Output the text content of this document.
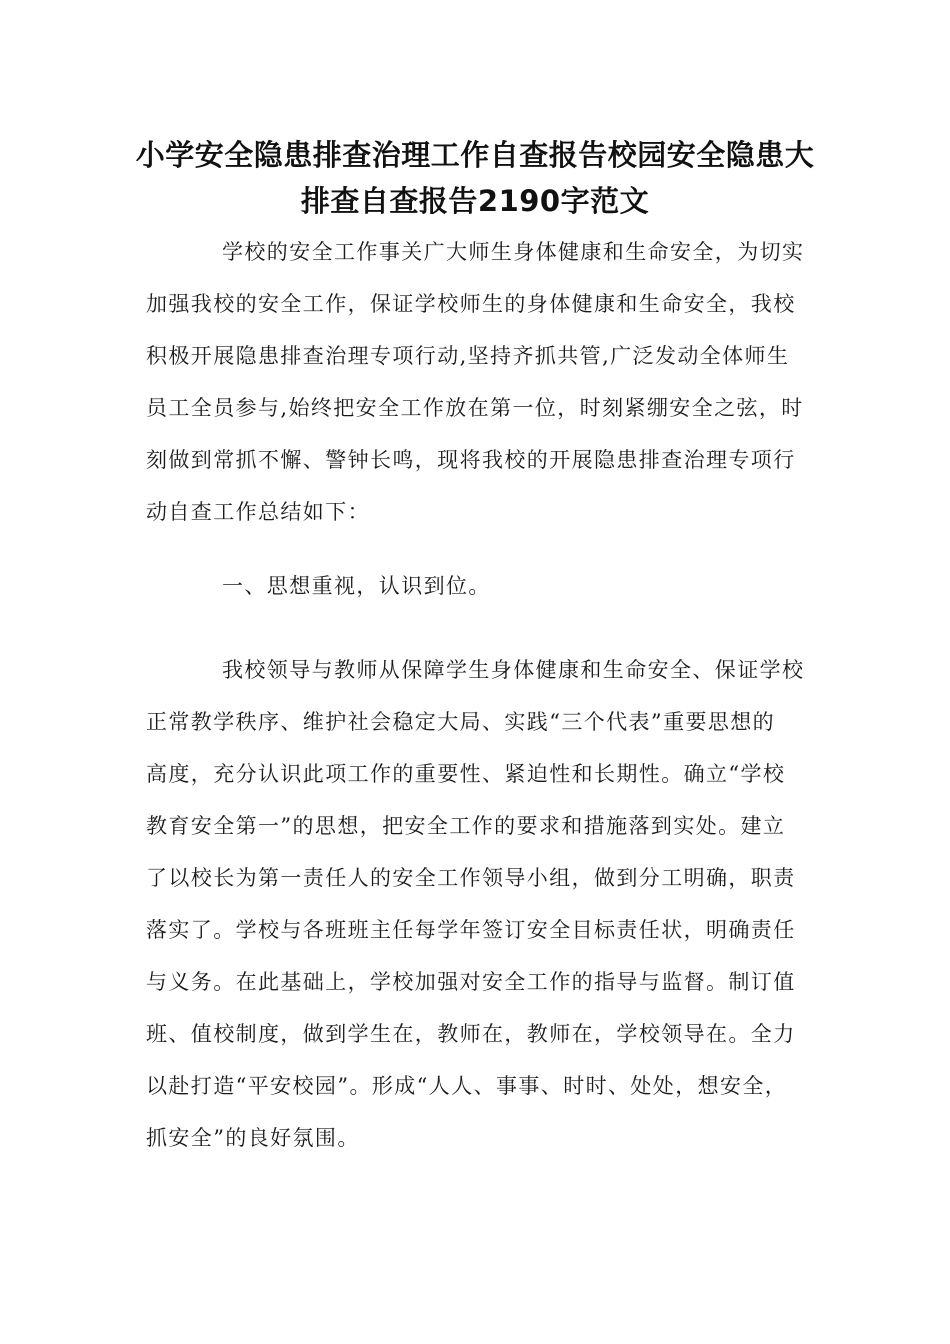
小学安全隐患排查治理工作自查报告校园安全隐患大
排查自查报告2190字范文
学校的安全工作事关广大师生身体健康和生命安全，为切实
加强我校的安全工作，保证学校师生的身体健康和生命安全，我校
积极开展隐患排查治理专项行动,坚持齐抓共管,广泛发动全体师生
员工全员参与,始终把安全工作放在第一位，时刻紧绷安全之弦，时
刻做到常抓不懈、警钟长鸣，现将我校的开展隐患排查治理专项行
动自查工作总结如下：
一、思想重视，认识到位。
我校领导与教师从保障学生身体健康和生命安全、保证学校
正常教学秩序、维护社会稳定大局、实践“三个代表”重要思想的
高度，充分认识此项工作的重要性、紧迫性和长期性。确立“学校
教育安全第一”的思想，把安全工作的要求和措施落到实处。建立
了以校长为第一责任人的安全工作领导小组，做到分工明确，职责
落实了。学校与各班班主任每学年签订安全目标责任状，明确责任
与义务。在此基础上，学校加强对安全工作的指导与监督。制订值
班、值校制度，做到学生在，教师在，教师在，学校领导在。全力
以赴打造“平安校园”。形成“人人、事事、时时、处处，想安全，
抓安全”的良好氛围。
